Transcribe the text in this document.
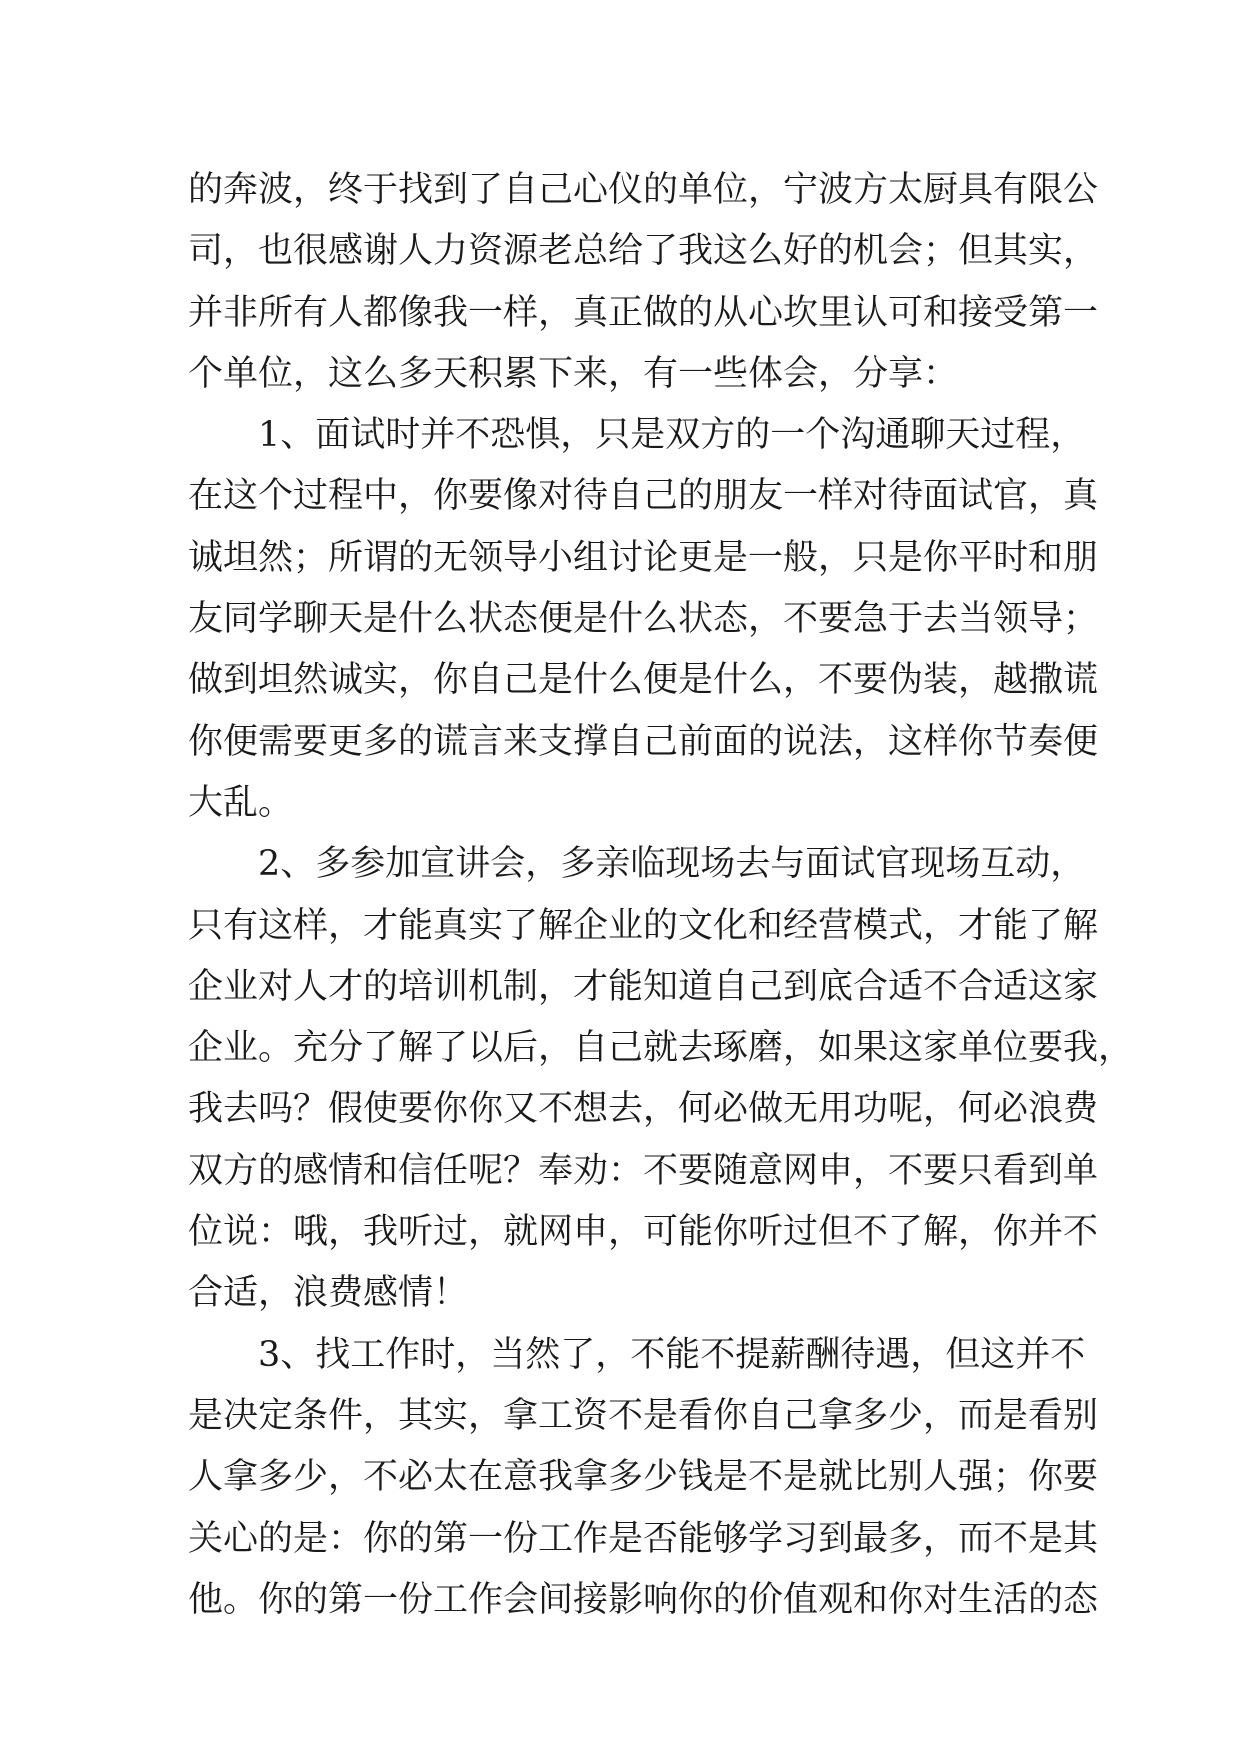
的奔波，终于找到了自己心仪的单位，宁波方太厨具有限公
司，也很感谢人力资源老总给了我这么好的机会；但其实，
并非所有人都像我一样，真正做的从心坎里认可和接受第一
个单位，这么多天积累下来，有一些体会，分享：
1、面试时并不恐惧，只是双方的一个沟通聊天过程，
在这个过程中，你要像对待自己的朋友一样对待面试官，真
诚坦然；所谓的无领导小组讨论更是一般，只是你平时和朋
友同学聊天是什么状态便是什么状态，不要急于去当领导；
做到坦然诚实，你自己是什么便是什么，不要伪装，越撒谎
你便需要更多的谎言来支撑自己前面的说法，这样你节奏便
大乱。
2、多参加宣讲会，多亲临现场去与面试官现场互动，
只有这样，才能真实了解企业的文化和经营模式，才能了解
企业对人才的培训机制，才能知道自己到底合适不合适这家
企业。充分了解了以后，自己就去琢磨，如果这家单位要我，
我去吗？假使要你你又不想去，何必做无用功呢，何必浪费
双方的感情和信任呢？奉劝：不要随意网申，不要只看到单
位说：哦，我听过，就网申，可能你听过但不了解，你并不
合适，浪费感情！
3、找工作时，当然了，不能不提薪酬待遇，但这并不
是决定条件，其实，拿工资不是看你自己拿多少，而是看别
人拿多少，不必太在意我拿多少钱是不是就比别人强；你要
关心的是：你的第一份工作是否能够学习到最多，而不是其
他。你的第一份工作会间接影响你的价值观和你对生活的态
